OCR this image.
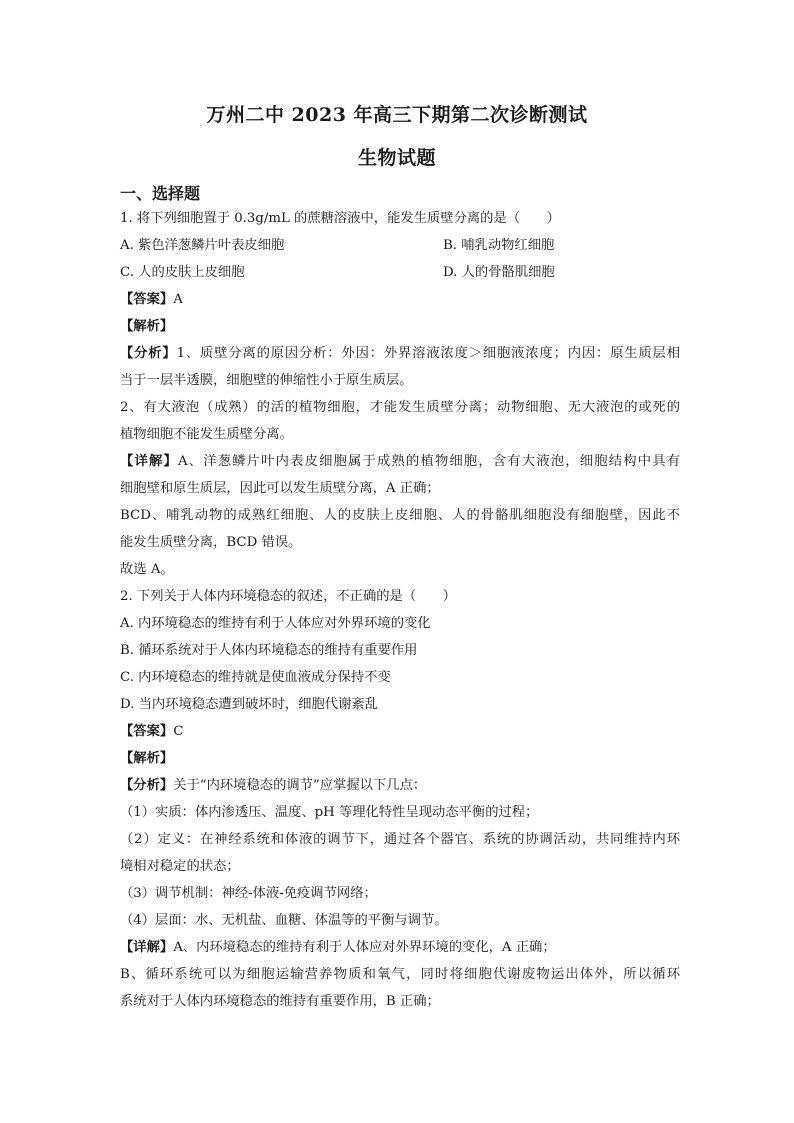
万州二中 2023 年高三下期第二次诊断测试
生物试题
一、选择题
1. 将下列细胞置于 0.3g/mL 的蔗糖溶液中，能发生质壁分离的是（　　）
A. 紫色洋葱鳞片叶表皮细胞	B. 哺乳动物红细胞
C. 人的皮肤上皮细胞	D. 人的骨骼肌细胞
【答案】A
【解析】
【分析】1、质壁分离的原因分析：外因：外界溶液浓度＞细胞液浓度；内因：原生质层相
当于一层半透膜，细胞壁的伸缩性小于原生质层。
2、有大液泡（成熟）的活的植物细胞，才能发生质壁分离；动物细胞、无大液泡的或死的
植物细胞不能发生质壁分离。
【详解】A、洋葱鳞片叶内表皮细胞属于成熟的植物细胞，含有大液泡，细胞结构中具有
细胞壁和原生质层，因此可以发生质壁分离，A 正确；
BCD、哺乳动物的成熟红细胞、人的皮肤上皮细胞、人的骨骼肌细胞没有细胞壁，因此不
能发生质壁分离，BCD 错误。
故选 A。
2. 下列关于人体内环境稳态的叙述，不正确的是（　　）
A. 内环境稳态的维持有利于人体应对外界环境的变化
B. 循环系统对于人体内环境稳态的维持有重要作用
C. 内环境稳态的维持就是使血液成分保持不变
D. 当内环境稳态遭到破坏时，细胞代谢紊乱
【答案】C
【解析】
【分析】关于“内环境稳态的调节”应掌握以下几点：
（1）实质：体内渗透压、温度、pH 等理化特性呈现动态平衡的过程；
（2）定义：在神经系统和体液的调节下，通过各个器官、系统的协调活动，共同维持内环
境相对稳定的状态；
（3）调节机制：神经-体液-免疫调节网络；
（4）层面：水、无机盐、血糖、体温等的平衡与调节。
【详解】A、内环境稳态的维持有利于人体应对外界环境的变化，A 正确；
B、循环系统可以为细胞运输营养物质和氧气，同时将细胞代谢废物运出体外，所以循环
系统对于人体内环境稳态的维持有重要作用，B 正确；
